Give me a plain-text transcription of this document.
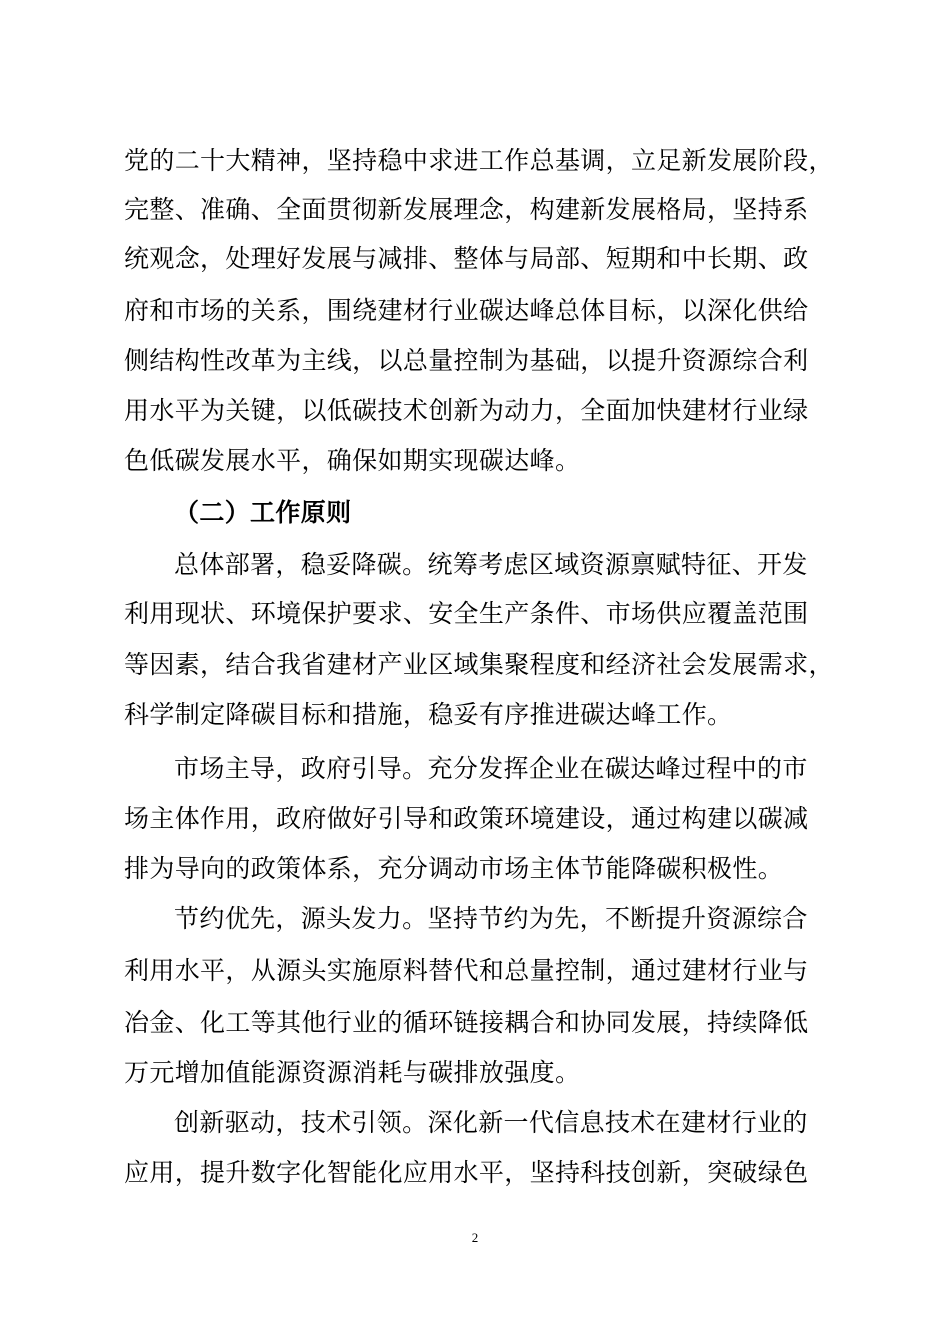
党的二十大精神，坚持稳中求进工作总基调，立足新发展阶段，
完整、准确、全面贯彻新发展理念，构建新发展格局，坚持系
统观念，处理好发展与减排、整体与局部、短期和中长期、政
府和市场的关系，围绕建材行业碳达峰总体目标，以深化供给
侧结构性改革为主线，以总量控制为基础，以提升资源综合利
用水平为关键，以低碳技术创新为动力，全面加快建材行业绿
色低碳发展水平，确保如期实现碳达峰。
（二）工作原则
总体部署，稳妥降碳。统筹考虑区域资源禀赋特征、开发
利用现状、环境保护要求、安全生产条件、市场供应覆盖范围
等因素，结合我省建材产业区域集聚程度和经济社会发展需求，
科学制定降碳目标和措施，稳妥有序推进碳达峰工作。
市场主导，政府引导。充分发挥企业在碳达峰过程中的市
场主体作用，政府做好引导和政策环境建设，通过构建以碳减
排为导向的政策体系，充分调动市场主体节能降碳积极性。
节约优先，源头发力。坚持节约为先，不断提升资源综合
利用水平，从源头实施原料替代和总量控制，通过建材行业与
冶金、化工等其他行业的循环链接耦合和协同发展，持续降低
万元增加值能源资源消耗与碳排放强度。
创新驱动，技术引领。深化新一代信息技术在建材行业的
应用，提升数字化智能化应用水平，坚持科技创新，突破绿色
2
